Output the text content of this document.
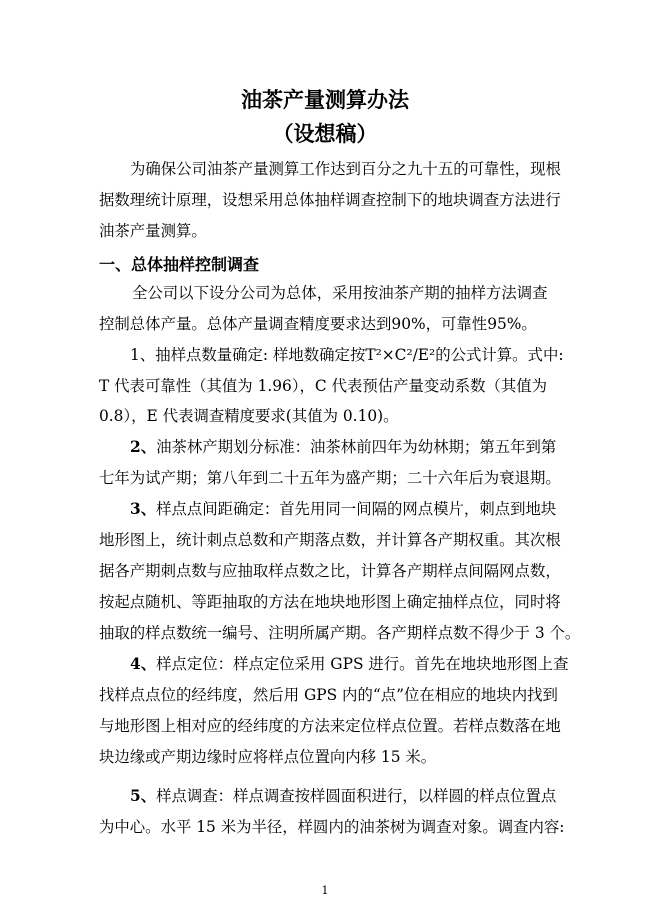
油茶产量测算办法
（设想稿）
为确保公司油茶产量测算工作达到百分之九十五的可靠性，现根
据数理统计原理，设想采用总体抽样调查控制下的地块调查方法进行
油茶产量测算。
一、总体抽样控制调查
全公司以下设分公司为总体，采用按油茶产期的抽样方法调查
控制总体产量。总体产量调查精度要求达到90%，可靠性95%。
1、抽样点数量确定: 样地数确定按T²×C²/E²的公式计算。式中:
T 代表可靠性（其值为 1.96），C 代表预估产量变动系数（其值为
0.8），E 代表调查精度要求(其值为 0.10)。
2、油茶林产期划分标准：油茶林前四年为幼林期；第五年到第
七年为试产期；第八年到二十五年为盛产期；二十六年后为衰退期。
3、样点点间距确定：首先用同一间隔的网点模片，刺点到地块
地形图上，统计刺点总数和产期落点数，并计算各产期权重。其次根
据各产期刺点数与应抽取样点数之比，计算各产期样点间隔网点数，
按起点随机、等距抽取的方法在地块地形图上确定抽样点位，同时将
抽取的样点数统一编号、注明所属产期。各产期样点数不得少于 3 个。
4、样点定位：样点定位采用 GPS 进行。首先在地块地形图上查
找样点点位的经纬度，然后用 GPS 内的“点”位在相应的地块内找到
与地形图上相对应的经纬度的方法来定位样点位置。若样点数落在地
块边缘或产期边缘时应将样点位置向内移 15 米。
5、样点调查：样点调查按样圆面积进行，以样圆的样点位置点
为中心。水平 15 米为半径，样圆内的油茶树为调查对象。调查内容:
1
